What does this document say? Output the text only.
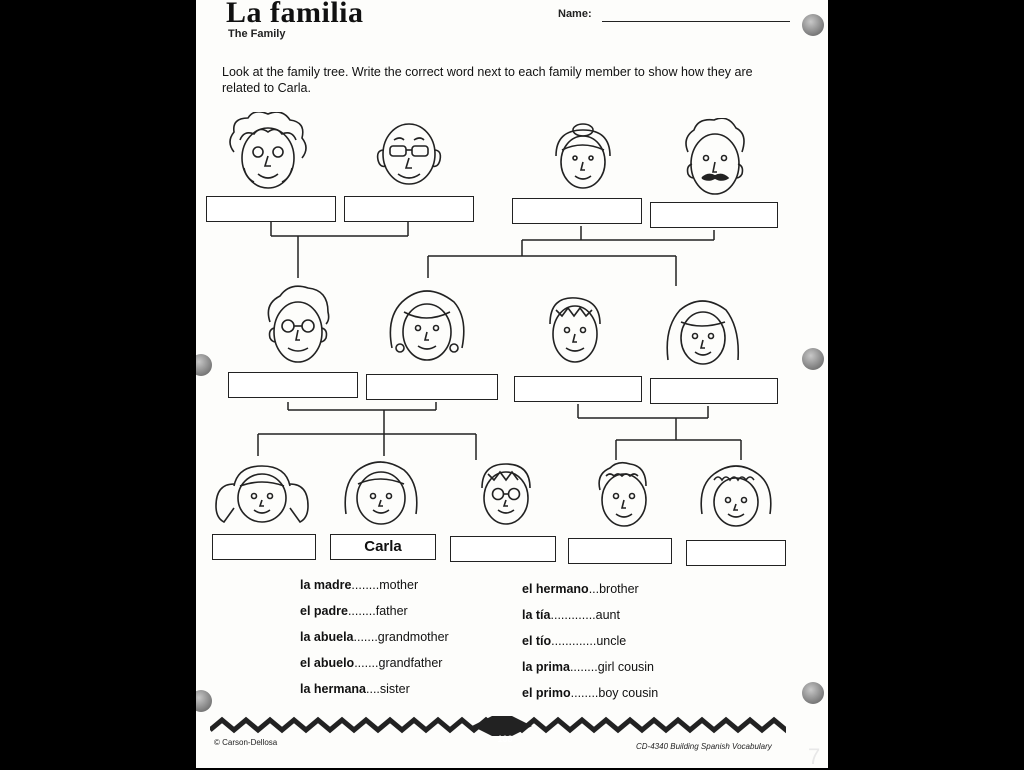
La familia
The Family
Name:
Look at the family tree. Write the correct word next to each family member to show how they are related to Carla.
Carla
la madre........mother
el padre........father
la abuela.......grandmother
el abuelo.......grandfather
la hermana....sister
el hermano...brother
la tía.............aunt
el tío.............uncle
la prima........girl cousin
el primo........boy cousin
108
© Carson-Dellosa	CD-4340 Building Spanish Vocabulary 7
